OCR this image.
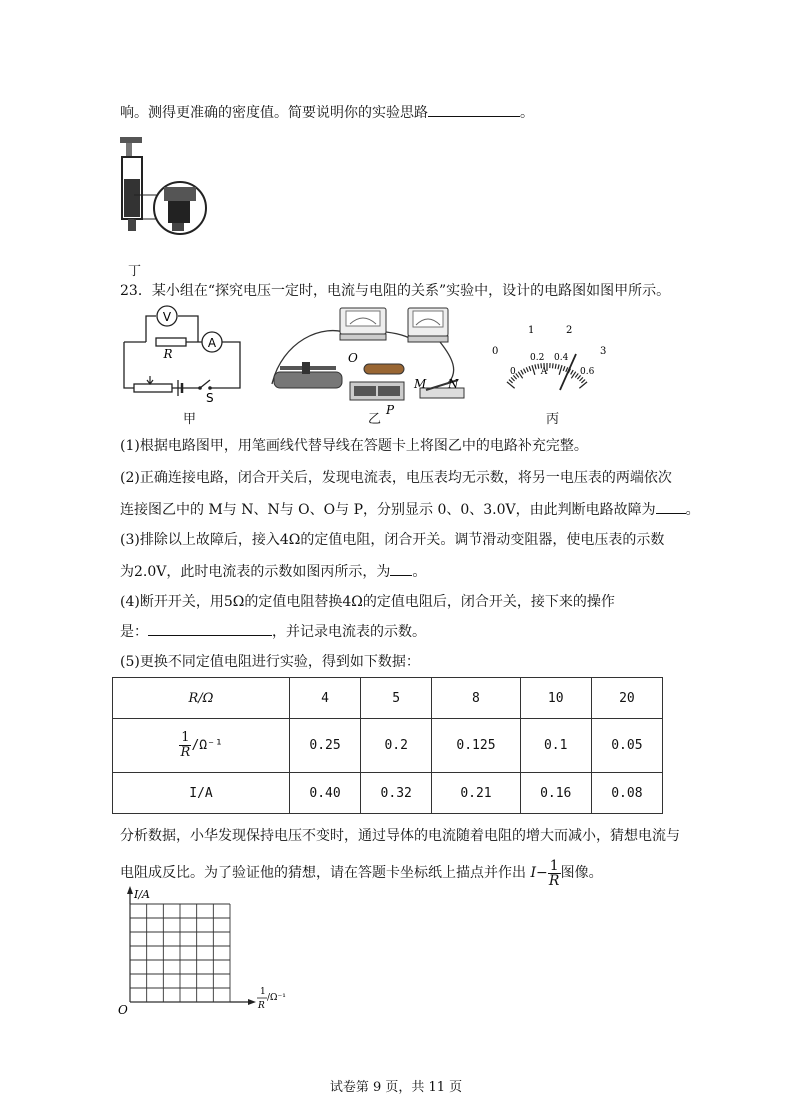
响。测得更准确的密度值。简要说明你的实验思路	。
丁
23．某小组在“探究电压一定时，电流与电阻的关系”实验中，设计的电路图如图甲所示。
V
R
A
S
甲
O
P
M N
乙
0
1	2
3
0
0.2 0.4
0.6
A
丙
(1)根据电路图甲，用笔画线代替导线在答题卡上将图乙中的电路补充完整。
(2)正确连接电路，闭合开关后，发现电流表，电压表均无示数，将另一电压表的两端依次
连接图乙中的 M与 N、N与 O、O与 P，分别显示 0、0、3.0V，由此判断电路故障为 。
(3)排除以上故障后，接入4Ω的定值电阻，闭合开关。调节滑动变阻器，使电压表的示数
为2.0V，此时电流表的示数如图丙所示，为 。
(4)断开开关，用5Ω的定值电阻替换4Ω的定值电阻后，闭合开关，接下来的操作
是：	，并记录电流表的示数。
(5)更换不同定值电阻进行实验，得到如下数据：
R/Ω	4	5	8	10	20

$\frac{1}{R} /\Omega^{-1}$	0.25	0.2	0.125	0.1	0.05
I/A	0.40	0.32	0.21	0.16	0.08
分析数据，小华发现保持电压不变时，通过导体的电流随着电阻的增大而减小，猜想电流与
电阻成反比。为了验证他的猜想，请在答题卡坐标纸上描点并作出 $I- \frac{1}{R}$ 图像。
I/A
O
1
R
/Ω⁻¹
试卷第 9 页，共 11 页
